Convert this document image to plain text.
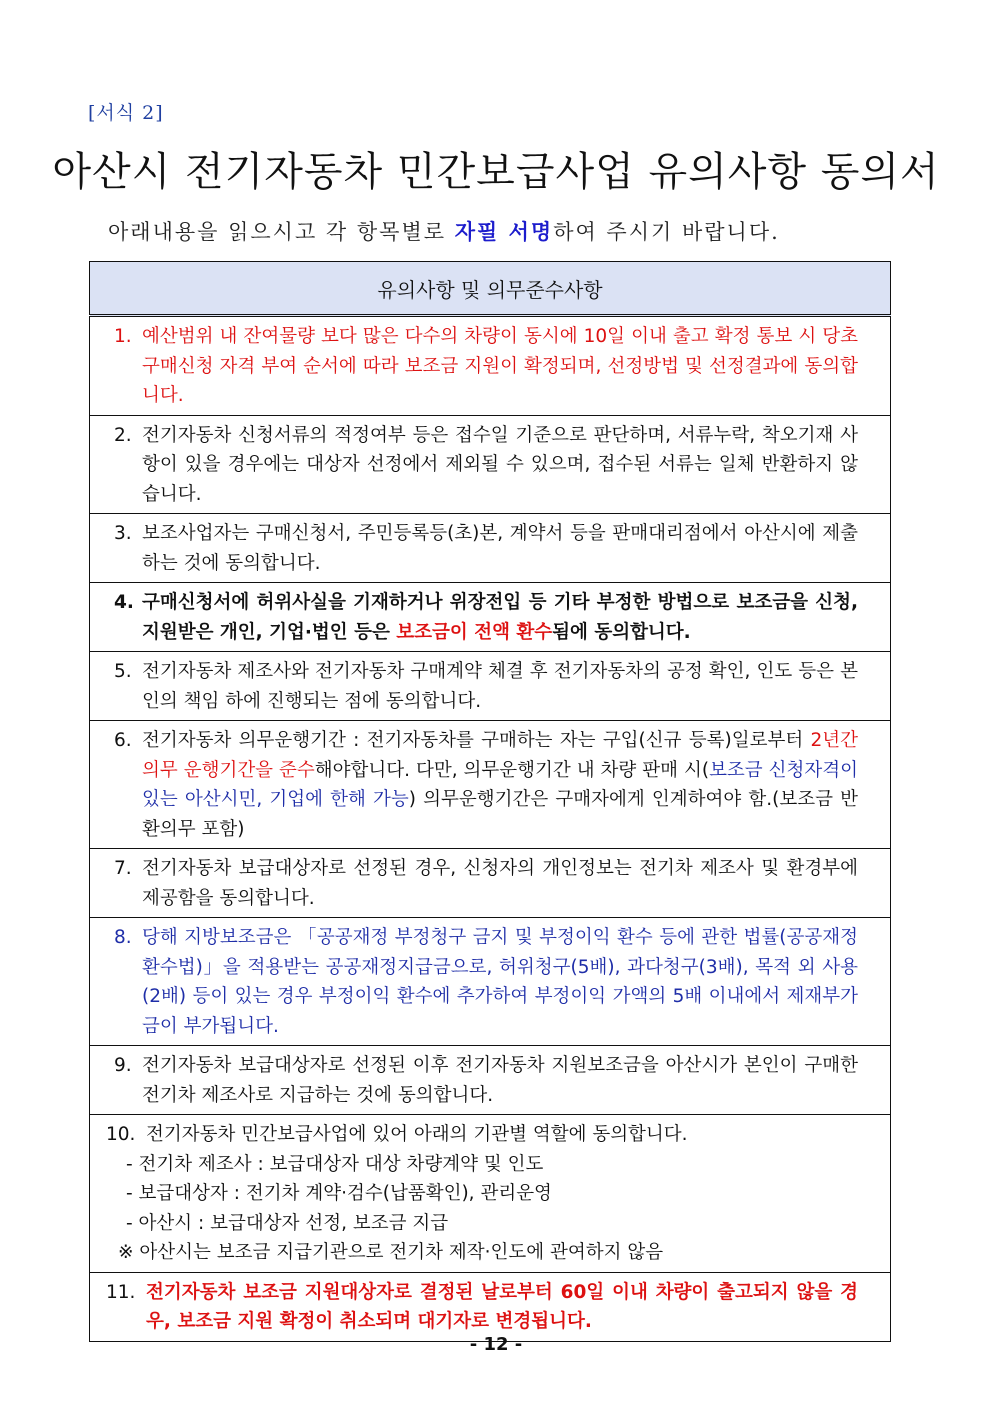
[서식 2]
아산시 전기자동차 민간보급사업 유의사항 동의서
아래내용을 읽으시고 각 항목별로 자필 서명하여 주시기 바랍니다.
유의사항 및 의무준수사항

1. 예산범위 내 잔여물량 보다 많은 다수의 차량이 동시에 10일 이내 출고 확정 통보 시 당초 구매신청 자격 부여 순서에 따라 보조금 지원이 확정되며, 선정방법 및 선정결과에 동의합니다.

2. 전기자동차 신청서류의 적정여부 등은 접수일 기준으로 판단하며, 서류누락, 착오기재 사항이 있을 경우에는 대상자 선정에서 제외될 수 있으며, 접수된 서류는 일체 반환하지 않습니다.

3. 보조사업자는 구매신청서, 주민등록등(초)본, 계약서 등을 판매대리점에서 아산시에 제출하는 것에 동의합니다.

4. 구매신청서에 허위사실을 기재하거나 위장전입 등 기타 부정한 방법으로 보조금을 신청, 지원받은 개인, 기업·법인 등은 보조금이 전액 환수됨에 동의합니다.

5. 전기자동차 제조사와 전기자동차 구매계약 체결 후 전기자동차의 공정 확인, 인도 등은 본인의 책임 하에 진행되는 점에 동의합니다.

6. 전기자동차 의무운행기간 : 전기자동차를 구매하는 자는 구입(신규 등록)일로부터 2년간 의무 운행기간을 준수해야합니다. 다만, 의무운행기간 내 차량 판매 시(보조금 신청자격이 있는 아산시민, 기업에 한해 가능) 의무운행기간은 구매자에게 인계하여야 함.(보조금 반환의무 포함)

7. 전기자동차 보급대상자로 선정된 경우, 신청자의 개인정보는 전기차 제조사 및 환경부에 제공함을 동의합니다.

8. 당해 지방보조금은 「공공재정 부정청구 금지 및 부정이익 환수 등에 관한 법률(공공재정환수법)」을 적용받는 공공재정지급금으로, 허위청구(5배), 과다청구(3배), 목적 외 사용(2배) 등이 있는 경우 부정이익 환수에 추가하여 부정이익 가액의 5배 이내에서 제재부가금이 부가됩니다.

9. 전기자동차 보급대상자로 선정된 이후 전기자동차 지원보조금을 아산시가 본인이 구매한 전기차 제조사로 지급하는 것에 동의합니다.

10. 전기자동차 민간보급사업에 있어 아래의 기관별 역할에 동의합니다.
- 전기차 제조사 : 보급대상자 대상 차량계약 및 인도
- 보급대상자 : 전기차 계약·검수(납품확인), 관리운영
- 아산시 : 보급대상자 선정, 보조금 지급
※ 아산시는 보조금 지급기관으로 전기차 제작·인도에 관여하지 않음

11. 전기자동차 보조금 지원대상자로 결정된 날로부터 60일 이내 차량이 출고되지 않을 경우, 보조금 지원 확정이 취소되며 대기자로 변경됩니다.
- 12 -
